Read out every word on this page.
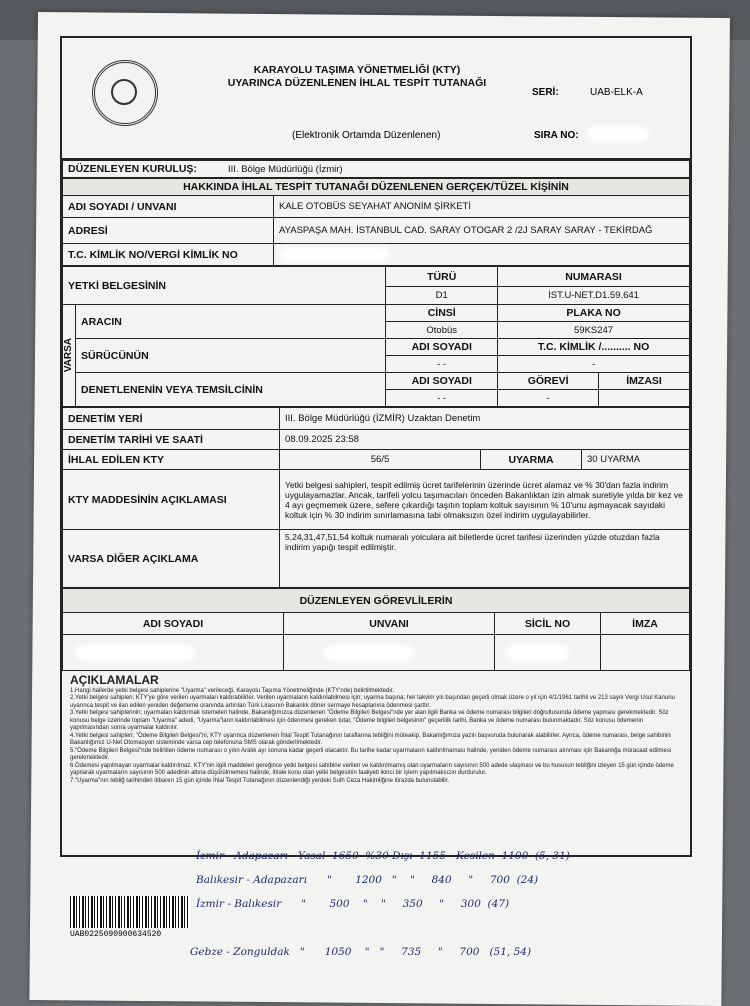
KARAYOLU TAŞIMA YÖNETMELİĞİ (KTY)
UYARINCA DÜZENLENEN İHLAL TESPİT TUTANAĞI
SERİ:	UAB-ELK-A
(Elektronik Ortamda Düzenlenen)	SIRA NO:
DÜZENLEYEN KURULUŞ:	III. Bölge Müdürlüğü (İzmir)
HAKKINDA İHLAL TESPİT TUTANAĞI DÜZENLENEN GERÇEK/TÜZEL KİŞİNİN	
ADI SOYADI / UNVANI	KALE OTOBÜS SEYAHAT ANONİM ŞİRKETİ
ADRESİ	AYASPAŞA MAH. İSTANBUL CAD. SARAY OTOGAR 2 /2J SARAY SARAY - TEKİRDAĞ
T.C. KİMLİK NO/VERGİ KİMLİK NO	
YETKİ BELGESİNİN		TÜRÜ	NUMARASI	
		D1	İST.U-NET.D1.59.641	

VARSA	ARACIN	CİNSİ	PLAKA NO	
		Otobüs	59KS247	
	SÜRÜCÜNÜN	ADI SOYADI	T.C. KİMLİK /.......... NO	
		- -	-	
	DENETLENENİN VEYA TEMSİLCİNİN	ADI SOYADI	GÖREVİ	İMZASI
		- -	-	
DENETİM YERİ	III. Bölge Müdürlüğü (İZMİR) Uzaktan Denetim		
DENETİM TARİHİ VE SAATİ	08.09.2025 23:58		
İHLAL EDİLEN KTY	56/5	UYARMA	30 UYARMA
KTY MADDESİNİN AÇIKLAMASI	Yetki belgesi sahipleri, tespit edilmiş ücret tarifelerinin üzerinde ücret alamaz ve % 30'dan fazla indirim uygulayamazlar. Ancak, tarifeli yolcu taşımacıları önceden Bakanlıktan izin almak suretiyle yılda bir kez ve 4 ayı geçmemek üzere, sefere çıkardığı taşıtın toplam koltuk sayısının % 10'unu aşmayacak sayıdaki koltuk için % 30 indirim sınırlamasına tabi olmaksızın özel indirim uygulayabilirler.		
VARSA DİĞER AÇIKLAMA	5,24,31,47,51,54 koltuk numaralı yolculara ait biletlerde ücret tarifesi üzerinden yüzde otuzdan fazla indirim yapığı tespit edilmiştir.		
DÜZENLEYEN GÖREVLİLERİN			
ADI SOYADI	UNVANI	SİCİL NO	İMZA

AÇIKLAMALAR
1.Hangi hallerde yetki belgesi sahiplerine "Uyarma" verileceği, Karayolu Taşıma Yönetmeliğinde (KTY'nde) belirtilmektedir.
2.Yetki belgesi sahipleri; KTY'ye göre verilen uyarmaları kaldırabilirler. Verilen uyarmaların kaldırılabilmesi için; uyarma başına; her takvim yılı başından geçerli olmak üzere o yıl için 4/1/1961 tarihli ve 213 sayılı Vergi Usul Kanunu uyarınca tespit ve ilan edilen yeniden değerleme oranında artırılan Türk Lirasının Bakanlık döner sermaye hesaplanına ödenmesi şarttır.
3.Yetki belgesi sahiplerinin; uyarmaları kaldırmak istemeleri halinde, Bakanlığımızca düzenlenen "Ödeme Bilgileri Belgesi"nde yer alan ilgili Banka ve ödeme numarası bilgileri doğrultusunda ödeme yapması gerekmektedir. Söz konusu belge üzerinde toplam "Uyarma" adedi, "Uyarma"ların kaldırılabilmesi için ödenmesi gereken tutar, "Ödeme bilgileri belgesinin" geçerlilik tarihi, Banka ve ödeme numarası bulunmaktadır. Söz konusu ödemenin yapılmasından sonra uyarmalar kaldırılır.
4.Yetki belgesi sahipleri; "Ödeme Bilgileri Belgesi"ni, KTY uyarınca düzenlenen İhlal Tespit Tutanağının taraflarına tebliğini müteakip, Bakanlığımıza yazılı başvuruda bulunarak alabilirler. Ayrıca, ödeme numarası, belge sahibinin Bakanlığımız U-Net Otomasyon sisteminde varsa cep telefonuna SMS olarak gönderilmektedir.
5."Ödeme Bilgileri Belgesi"nde belirtilen ödeme numarası o yılın Aralık ayı sonuna kadar geçerli olacaktır. Bu tarihe kadar uyarmaların kaldırılmaması halinde, yeniden ödeme numarası alınması için Bakanlığa müracaat edilmesi gerekmektedir.
6.Ödemesi yapılmayan uyarmalar kaldırılmaz. KTY'nin ilgili maddeleri gereğince yetki belgesi sahibine verilen ve kaldırılmamış olan uyarmaların sayısının 500 adede ulaşması ve bu hususun tebliğini izleyen 15 gün içinde ödeme yapılarak uyarmaların sayısının 500 adedinin altına düşürülmemesi halinde, ihlale konu olan yetki belgesinin faaliyeti ikinci bir işlem yapılmaksızın durdurulur.
7."Uyarma"nın tebliğ tarihinden itibaren 15 gün içinde İhlal Tespit Tutanağının düzenlendiği yerdeki Sulh Ceza Hakimliğine itirazda bulunulabilir.
UAB0225090900634520
İzmir - Adapazarı   Yasal  1650  %30 Dışı  1155   Kesilen  1100  (5, 31)
Balıkesir - Adapazarı      "       1200   "    "     840     "     700  (24)
İzmir - Balıkesir      "       500    "    "     350     "     300  (47)
Gebze - Zonguldak   "      1050    "   "     735     "     700   (51, 54)
